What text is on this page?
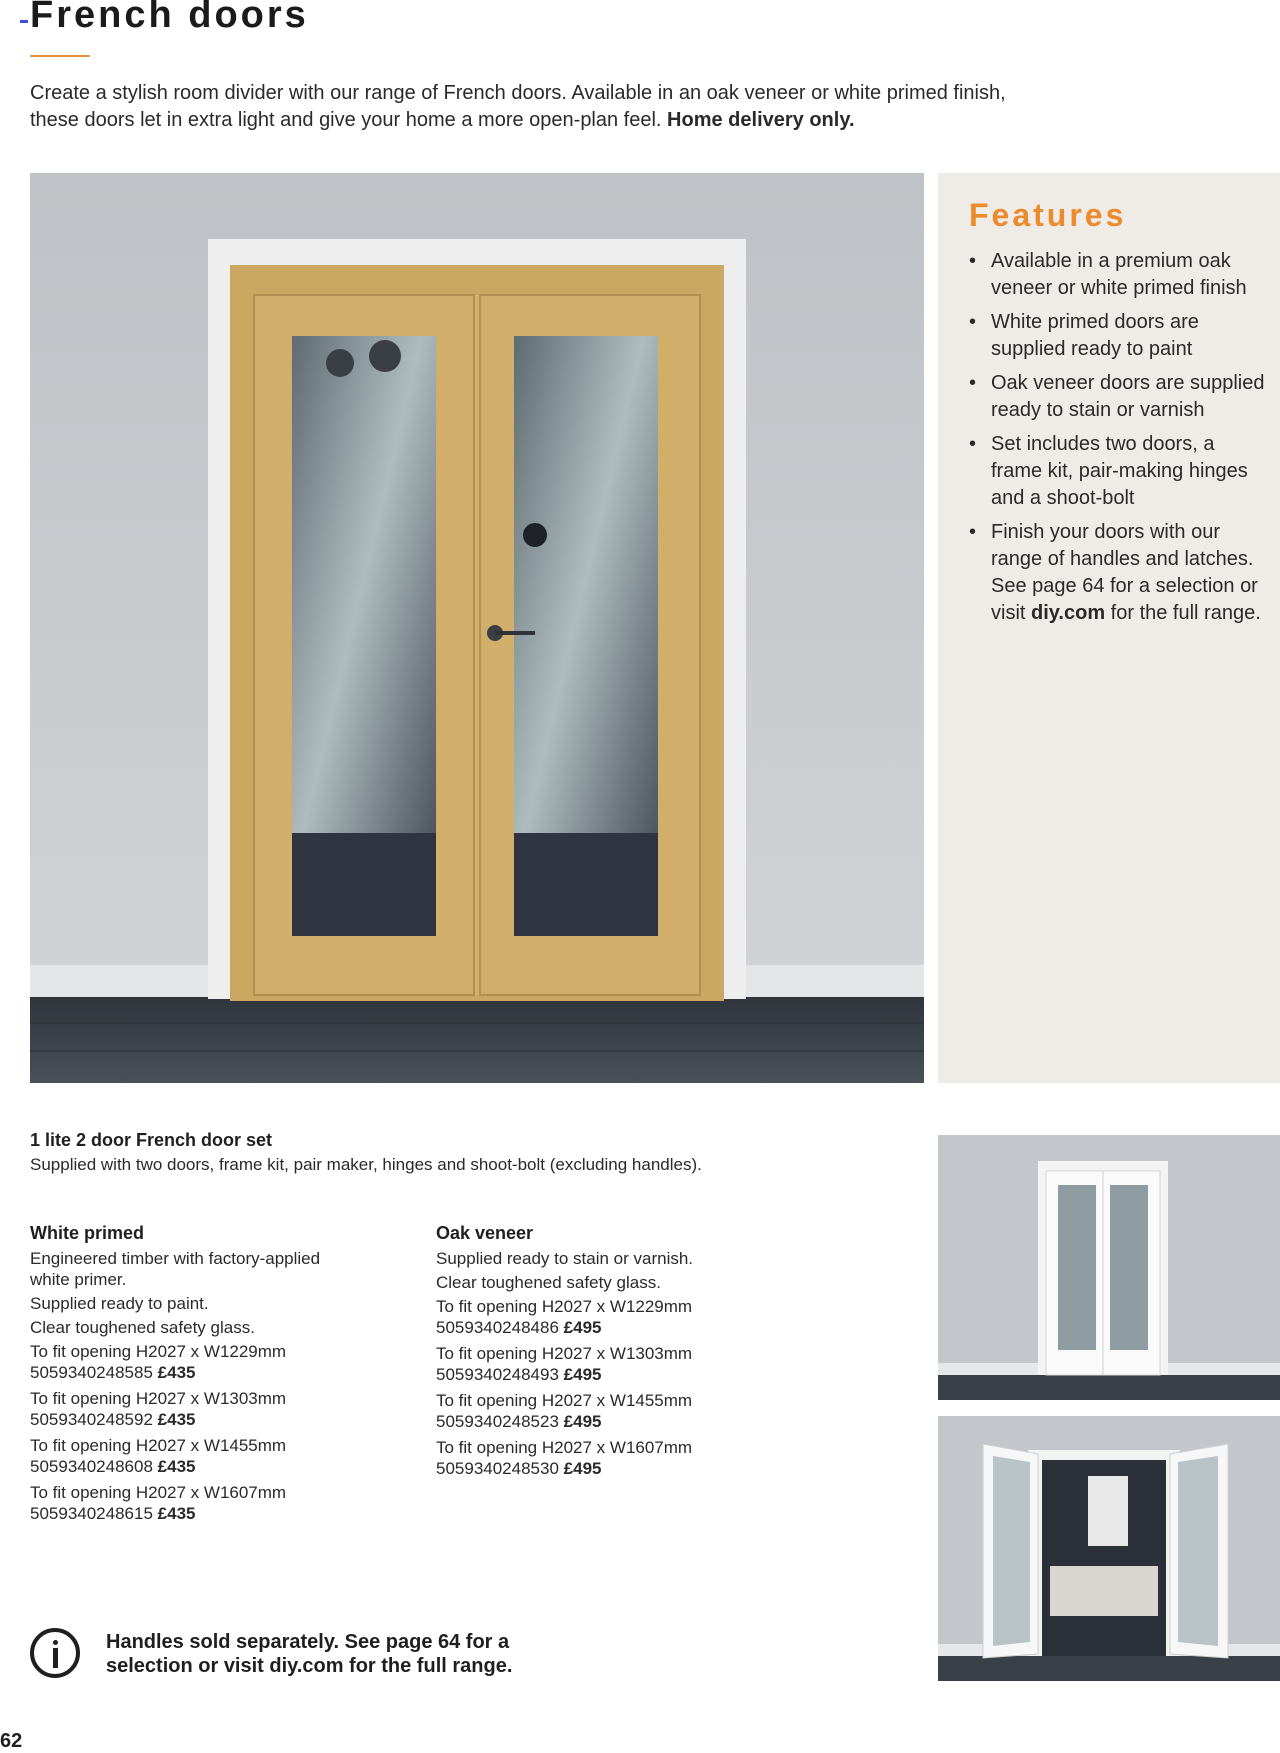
French doors

Create a stylish room divider with our range of French doors. Available in an oak veneer or white primed finish, these doors let in extra light and give your home a more open-plan feel. Home delivery only.

Features
• Available in a premium oak veneer or white primed finish
• White primed doors are supplied ready to paint
• Oak veneer doors are supplied ready to stain or varnish
• Set includes two doors, a frame kit, pair-making hinges and a shoot-bolt
• Finish your doors with our range of handles and latches. See page 64 for a selection or visit diy.com for the full range.

1 lite 2 door French door set

Supplied with two doors, frame kit, pair maker, hinges and shoot-bolt (excluding handles).

White primed

Engineered timber with factory-applied white primer.

Supplied ready to paint.

Clear toughened safety glass.

To fit opening H2027 x W1229mm
5059340248585 £435
To fit opening H2027 x W1303mm
5059340248592 £435
To fit opening H2027 x W1455mm
5059340248608 £435
To fit opening H2027 x W1607mm
5059340248615 £435
Oak veneer

Supplied ready to stain or varnish.

Clear toughened safety glass.

To fit opening H2027 x W1229mm
5059340248486 £495
To fit opening H2027 x W1303mm
5059340248493 £495
To fit opening H2027 x W1455mm
5059340248523 £495
To fit opening H2027 x W1607mm
5059340248530 £495

Handles sold separately. See page 64 for a selection or visit diy.com for the full range.

62
